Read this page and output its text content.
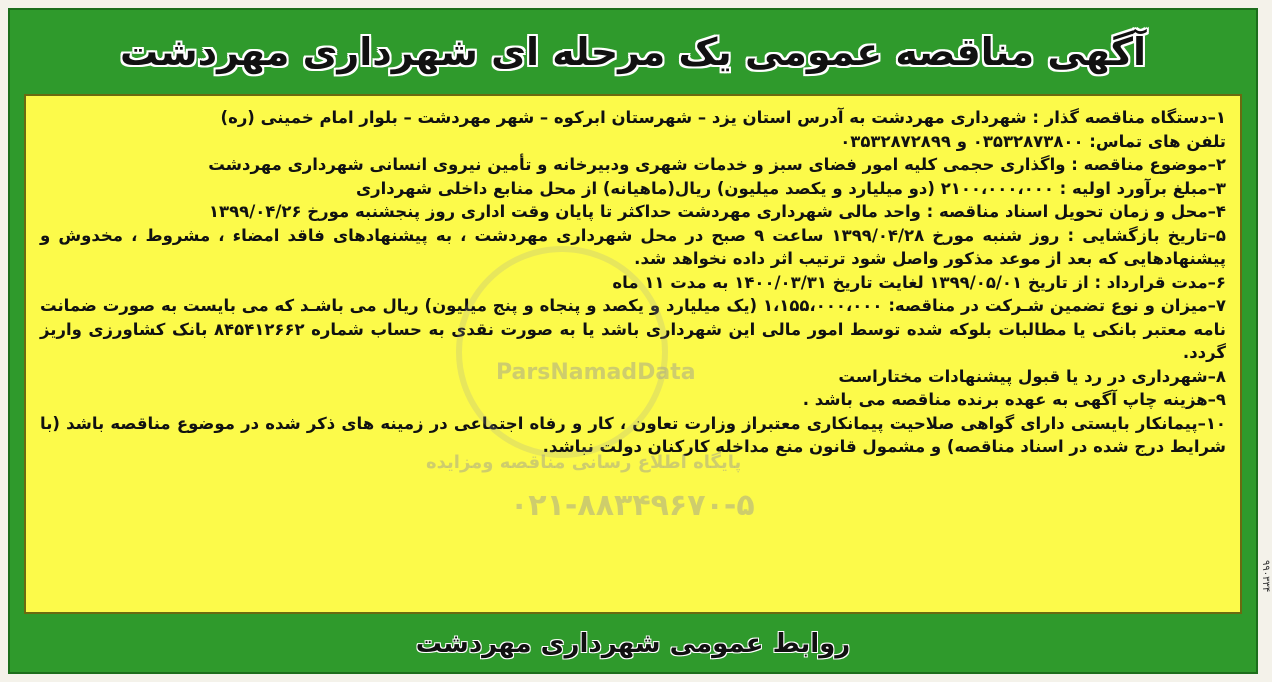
آگهی مناقصه عمومی یک مرحله ای شهرداری مهردشت
ParsNamadData
پایگاه اطلاع رسانی مناقصه ومزایده
۰۲۱-۸۸۳۴۹۶۷۰-۵
۱–دستگاه مناقصه گذار : شهرداری مهردشت به آدرس استان یزد – شهرستان ابرکوه – شهر مهردشت – بلوار امام خمینی (ره)
تلفن های تماس: ۰۳۵۳۲۸۷۳۸۰۰ و ۰۳۵۳۲۸۷۲۸۹۹
۲–موضوع مناقصه : واگذاری حجمی کلیه امور فضای سبز و خدمات شهری ودبیرخانه و تأمین نیروی انسانی شهرداری مهردشت
۳–مبلغ برآورد اولیه : ۲۱۰۰،۰۰۰،۰۰۰ (دو میلیارد و یکصد میلیون) ریال(ماهیانه) از محل منابع داخلی شهرداری
۴–محل و زمان تحویل اسناد مناقصه : واحد مالی شهرداری مهردشت حداکثر تا پایان وقت اداری روز پنجشنبه مورخ ۱۳۹۹/۰۴/۲۶
۵–تاریخ بازگشایی : روز شنبه مورخ ۱۳۹۹/۰۴/۲۸ ساعت ۹ صبح در محل شهرداری مهردشت ، به پیشنهادهای فاقد امضاء ، مشروط ، مخدوش و پیشنهادهایی که بعد از موعد مذکور واصل شود ترتیب اثر داده نخواهد شد.
۶–مدت قرارداد : از تاریخ ۱۳۹۹/۰۵/۰۱ لغایت تاریخ ۱۴۰۰/۰۳/۳۱ به مدت ۱۱ ماه
۷–میزان و نوع تضمین شـرکت در مناقصه: ۱،۱۵۵،۰۰۰،۰۰۰ (یک میلیارد و یکصد و پنجاه و پنج میلیون) ریال می باشـد که می بایست به صورت ضمانت نامه معتبر بانکی یا مطالبات بلوکه شده توسط امور مالی این شهرداری باشد یا به صورت نقدی به حساب شماره ۸۴۵۴۱۲۶۶۲ بانک کشاورزی واریز گردد.
۸–شهرداری در رد یا قبول پیشنهادات مختاراست
۹–هزینه چاپ آگهی به عهده برنده مناقصه می باشد .
۱۰–پیمانکار بایستی دارای گواهی صلاحیت پیمانکاری معتبراز وزارت تعاون ، کار و رفاه اجتماعی در زمینه های ذکر شده در موضوع مناقصه باشد (با شرایط درج شده در اسناد مناقصه) و مشمول قانون منع مداخله کارکنان دولت نباشد.
روابط عمومی شهرداری مهردشت
۹۹۰۳۳۴
